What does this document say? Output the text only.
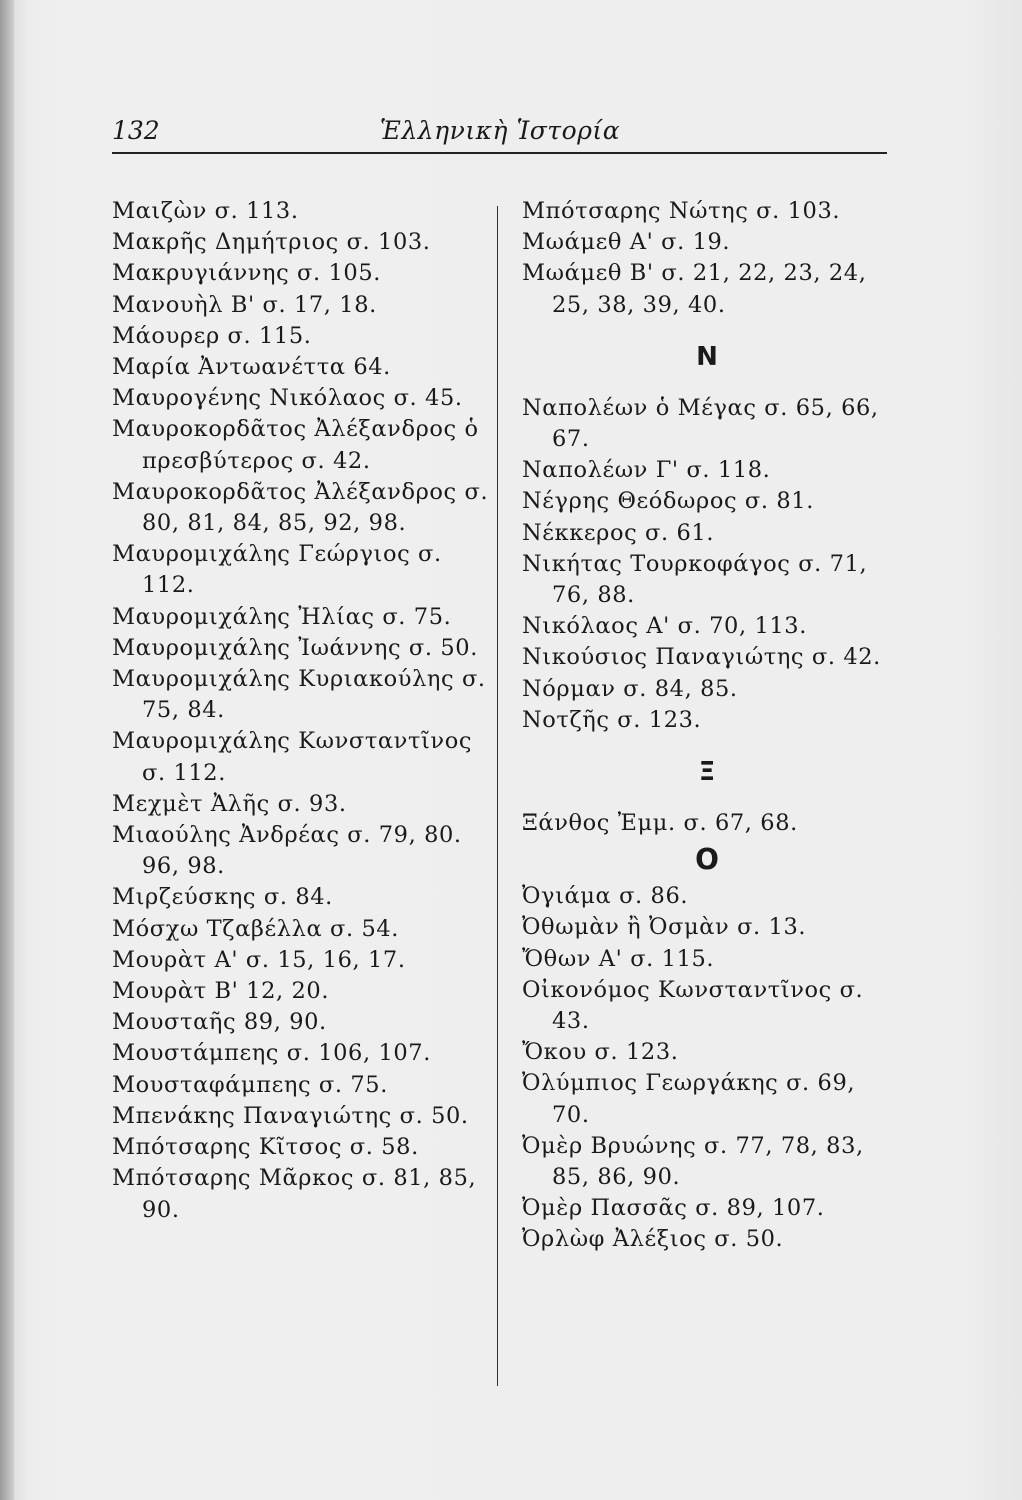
132	Ἑλληνικὴ Ἱστορία
Μαιζὼν σ. 113.
Μακρῆς Δημήτριος σ. 103.
Μακρυγιάννης σ. 105.
Μανουὴλ Β' σ. 17, 18.
Μάουρερ σ. 115.
Μαρία Ἀντωανέττα 64.
Μαυρογένης Νικόλαος σ. 45.
Μαυροκορδᾶτος Ἀλέξανδρος ὁ πρεσβύτερος σ. 42.
Μαυροκορδᾶτος Ἀλέξανδρος σ. 80, 81, 84, 85, 92, 98.
Μαυρομιχάλης Γεώργιος σ. 112.
Μαυρομιχάλης Ἠλίας σ. 75.
Μαυρομιχάλης Ἰωάννης σ. 50.
Μαυρομιχάλης Κυριακούλης σ. 75, 84.
Μαυρομιχάλης Κωνσταντῖνος σ. 112.
Μεχμὲτ Ἀλῆς σ. 93.
Μιαούλης Ἀνδρέας σ. 79, 80. 96, 98.
Μιρζεύσκης σ. 84.
Μόσχω Τζαβέλλα σ. 54.
Μουρὰτ Α' σ. 15, 16, 17.
Μουρὰτ Β' 12, 20.
Μουσταῆς 89, 90.
Μουστάμπεης σ. 106, 107.
Μουσταφάμπεης σ. 75.
Μπενάκης Παναγιώτης σ. 50.
Μπότσαρης Κῖτσος σ. 58.
Μπότσαρης Μᾶρκος σ. 81, 85, 90.
Μπότσαρης Νώτης σ. 103.
Μωάμεθ Α' σ. 19.
Μωάμεθ Β' σ. 21, 22, 23, 24, 25, 38, 39, 40.
Ν
Ναπολέων ὁ Μέγας σ. 65, 66, 67.
Ναπολέων Γ' σ. 118.
Νέγρης Θεόδωρος σ. 81.
Νέκκερος σ. 61.
Νικήτας Τουρκοφάγος σ. 71, 76, 88.
Νικόλαος Α' σ. 70, 113.
Νικούσιος Παναγιώτης σ. 42.
Νόρμαν σ. 84, 85.
Νοτζῆς σ. 123.
Ξ
Ξάνθος Ἐμμ. σ. 67, 68.
Ο
Ὀγιάμα σ. 86.
Ὀθωμὰν ἢ Ὀσμὰν σ. 13.
Ὄθων Α' σ. 115.
Οἰκονόμος Κωνσταντῖνος σ. 43.
Ὄκου σ. 123.
Ὀλύμπιος Γεωργάκης σ. 69, 70.
Ὀμὲρ Βρυώνης σ. 77, 78, 83, 85, 86, 90.
Ὀμὲρ Πασσᾶς σ. 89, 107.
Ὀρλὼφ Ἀλέξιος σ. 50.
